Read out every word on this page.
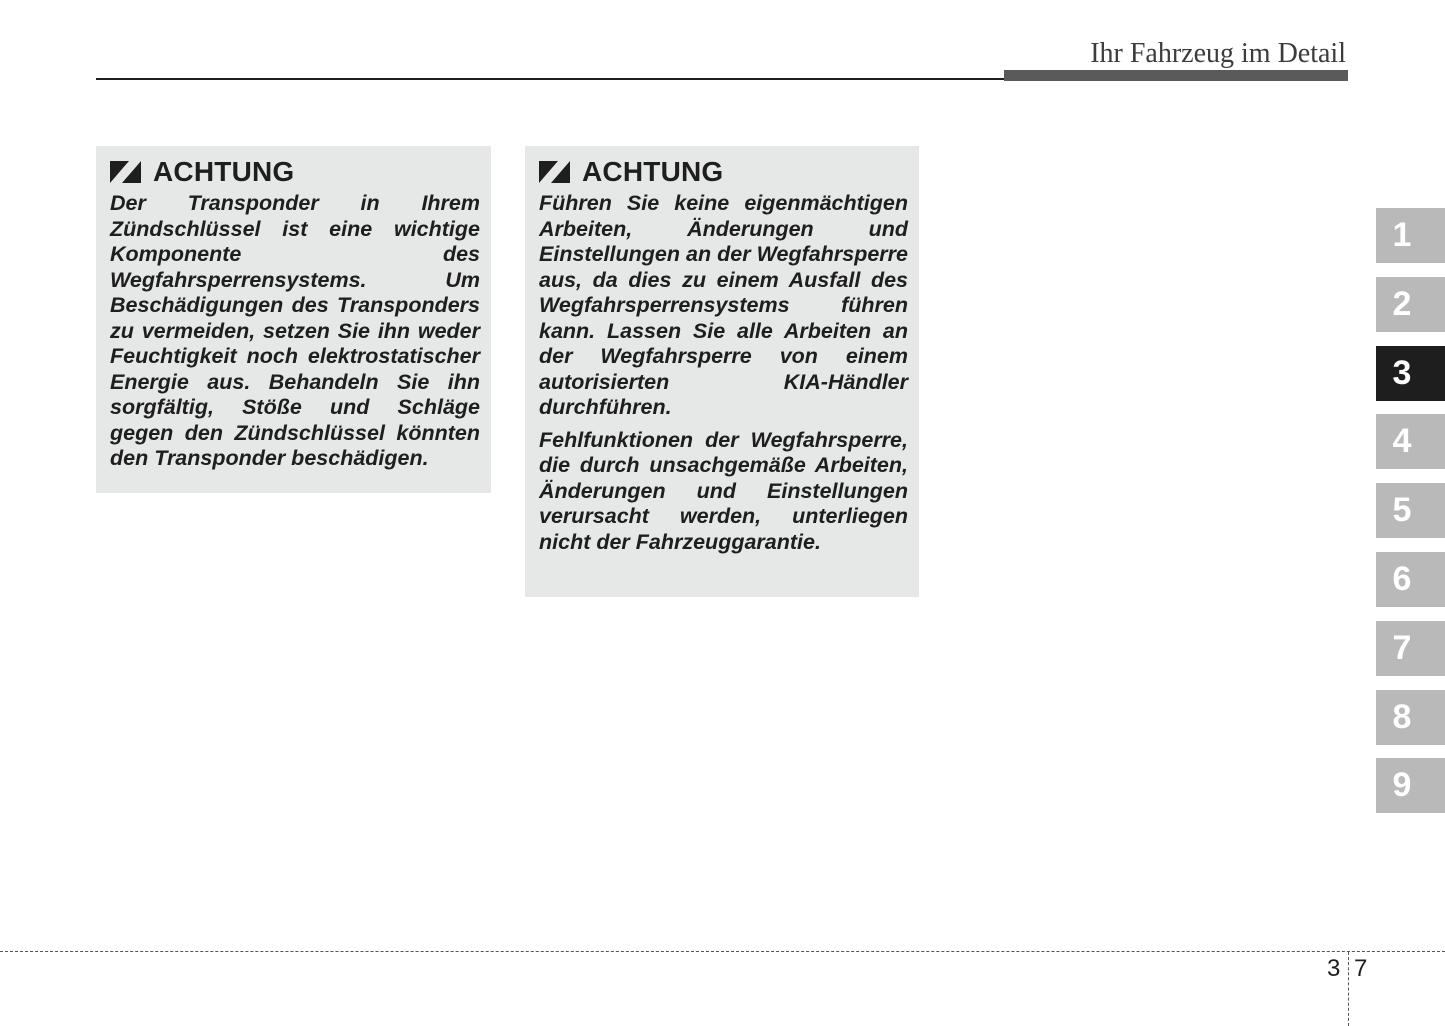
Ihr Fahrzeug im Detail
ACHTUNG

Der Transponder in Ihrem Zündschlüssel ist eine wichtige Komponente des Wegfahrsperrensystems. Um Beschädigungen des Transponders zu vermeiden, setzen Sie ihn weder Feuchtigkeit noch elektrostatischer Energie aus. Behandeln Sie ihn sorgfältig, Stöße und Schläge gegen den Zündschlüssel könnten den Transponder beschädigen.

ACHTUNG

Führen Sie keine eigenmächtigen Arbeiten, Änderungen und Einstellungen an der Wegfahrsperre aus, da dies zu einem Ausfall des Wegfahrsperrensystems führen kann. Lassen Sie alle Arbeiten an der Wegfahrsperre von einem autorisierten KIA-Händler durchführen.

Fehlfunktionen der Wegfahrsperre, die durch unsachgemäße Arbeiten, Änderungen und Einstellungen verursacht werden, unterliegen nicht der Fahrzeuggarantie.

1
2
3
4
5
6
7
8
9
3 7
